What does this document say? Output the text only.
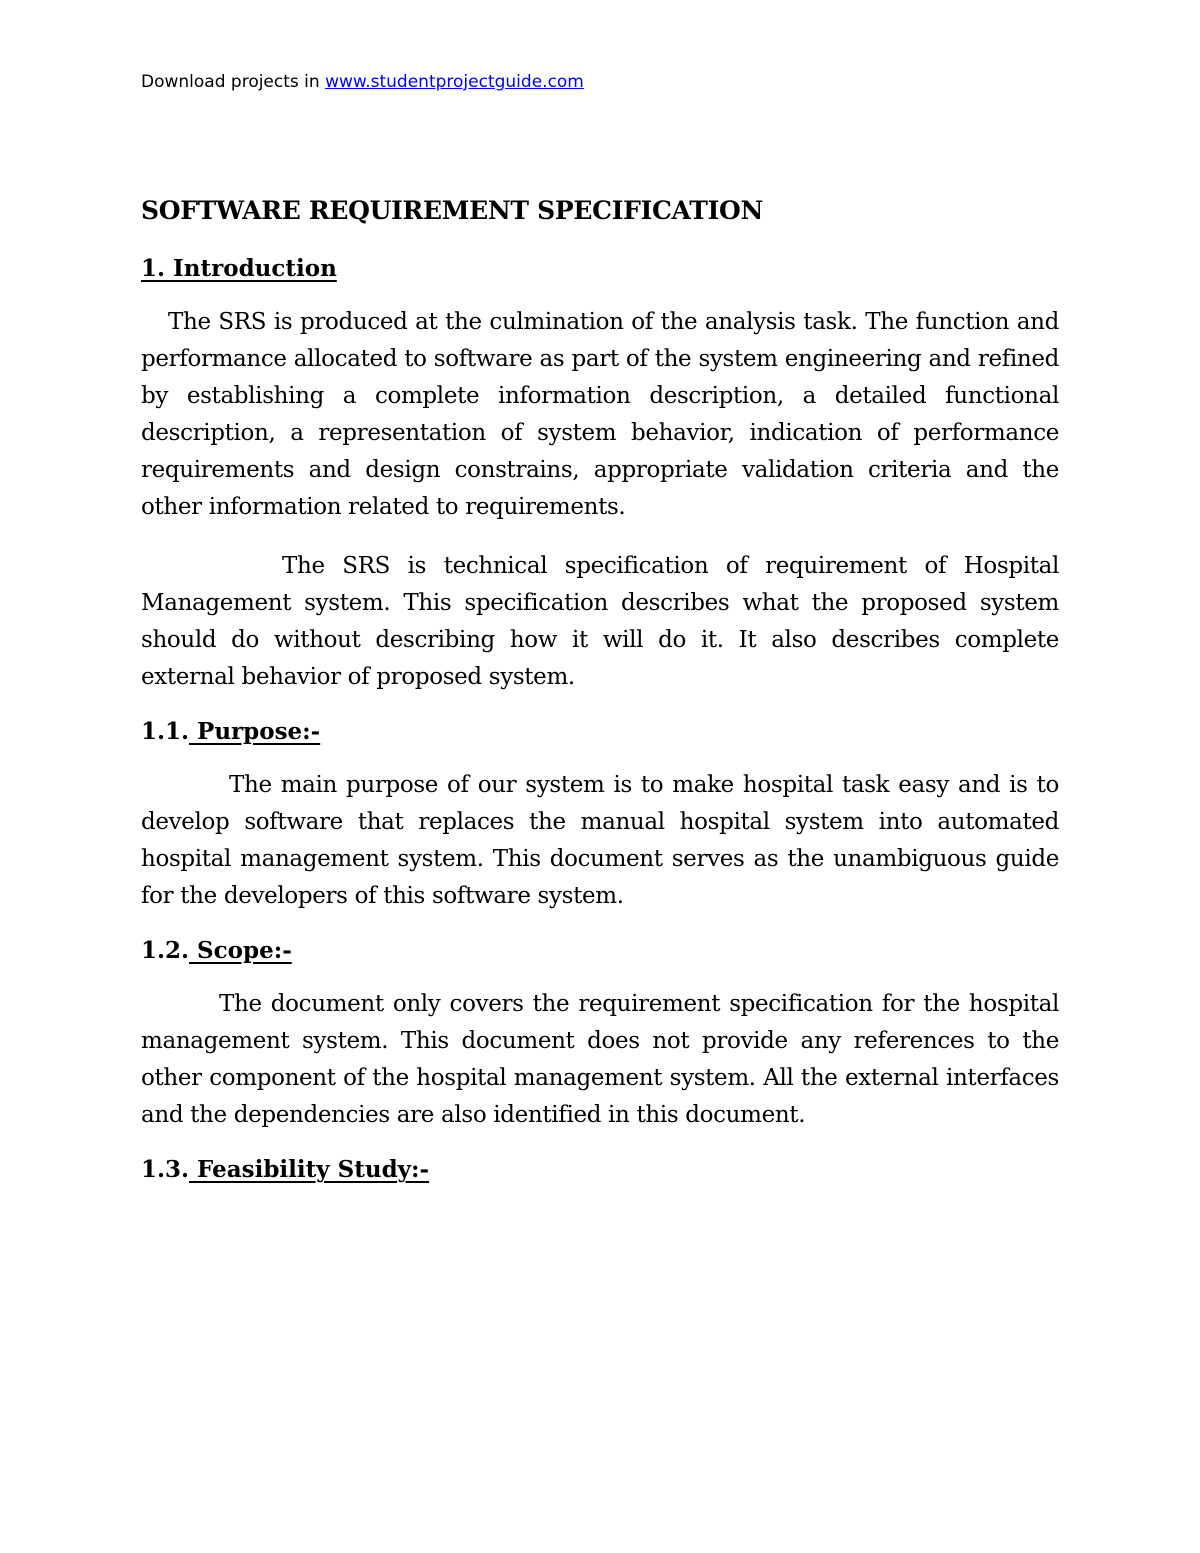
Download projects in www.studentprojectguide.com
SOFTWARE REQUIREMENT SPECIFICATION
1. Introduction

The SRS is produced at the culmination of the analysis task. The function and performance allocated to software as part of the system engineering and refined by establishing a complete information description, a detailed functional description, a representation of system behavior, indication of performance requirements and design constrains, appropriate validation criteria and the other information related to requirements.

The SRS is technical specification of requirement of Hospital Management system. This specification describes what the proposed system should do without describing how it will do it. It also describes complete external behavior of proposed system.

1.1. Purpose:-

The main purpose of our system is to make hospital task easy and is to develop software that replaces the manual hospital system into automated hospital management system. This document serves as the unambiguous guide for the developers of this software system.

1.2. Scope:-

The document only covers the requirement specification for the hospital management system. This document does not provide any references to the other component of the hospital management system. All the external interfaces and the dependencies are also identified in this document.

1.3. Feasibility Study:-
